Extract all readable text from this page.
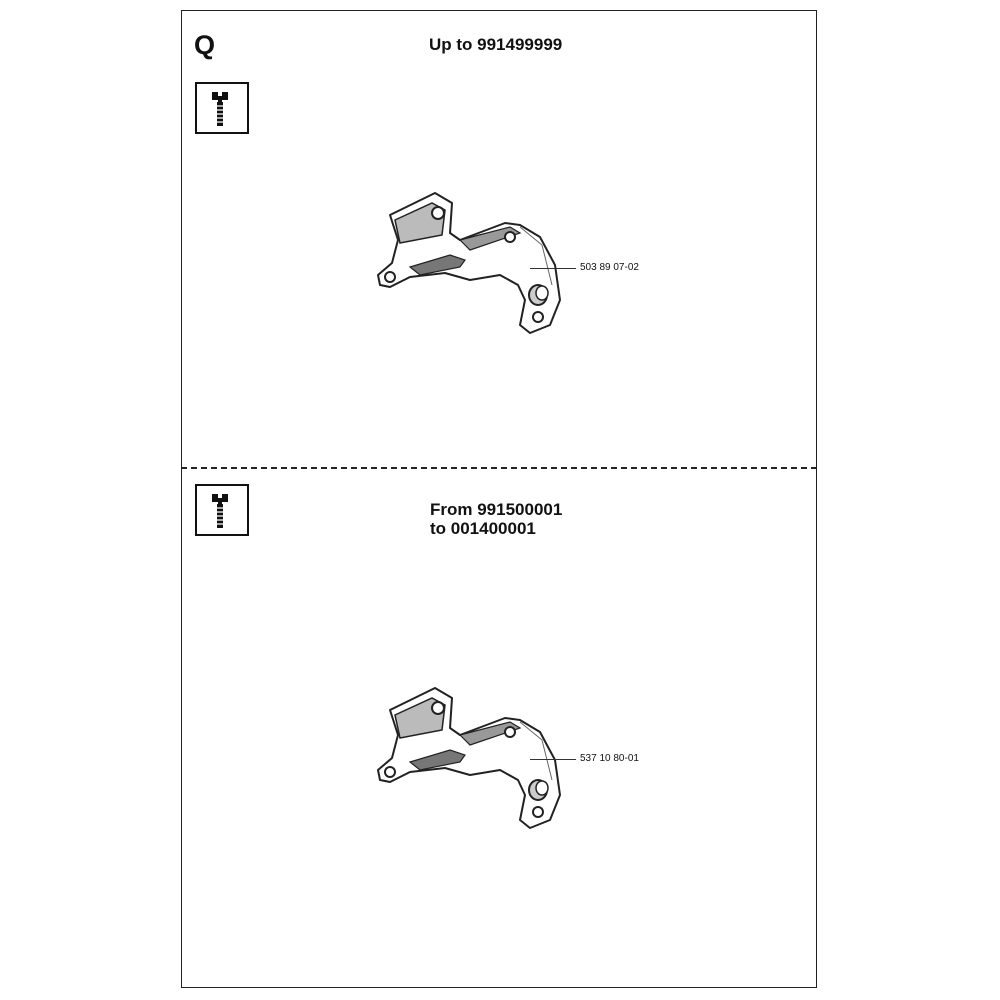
Q	Up to 991499999
503 89 07-02
From 991500001
to 001400001
537 10 80-01
